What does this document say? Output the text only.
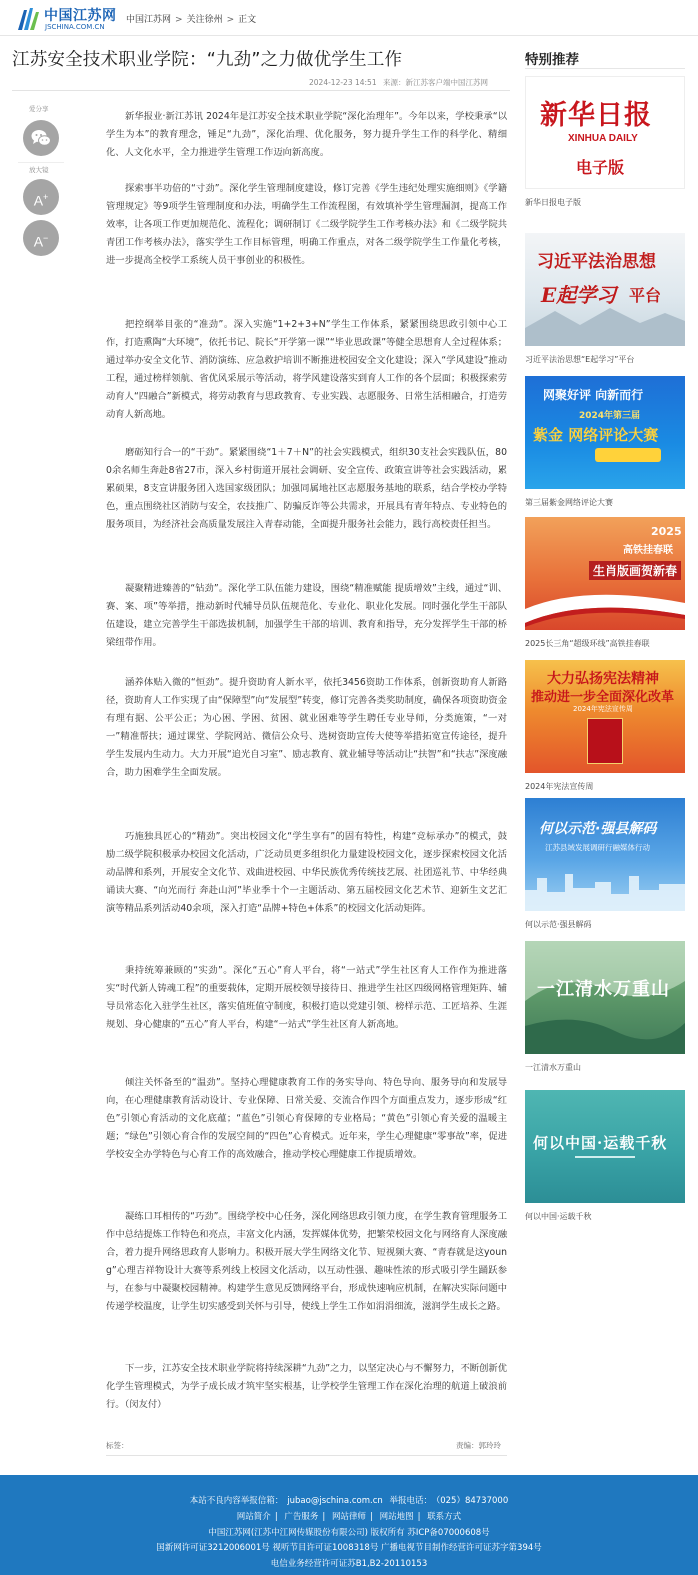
中国江苏网
JSCHINA.COM.CN
中国江苏网 > 关注徐州 > 正文
江苏安全技术职业学院：“九劲”之力做优学生工作
2024-12-23 14:51 来源：新江苏客户端中国江苏网
爱分享
放大镜
A+
A−

新华报业·新江苏讯 2024年是江苏安全技术职业学院“深化治理年”。今年以来，学校秉承“以学生为本”的教育理念，锤足“九劲”，深化治理、优化服务，努力提升学生工作的科学化、精细化、人文化水平，全力推进学生管理工作迈向新高度。

探索事半功倍的“寸劲”。深化学生管理制度建设，修订完善《学生违纪处理实施细则》《学籍管理规定》等9项学生管理制度和办法，明确学生工作流程图，有效填补学生管理漏洞，提高工作效率，让各项工作更加规范化、流程化；调研制订《二级学院学生工作考核办法》和《二级学院共青团工作考核办法》，落实学生工作目标管理，明确工作重点，对各二级学院学生工作量化考核，进一步提高全校学工系统人员干事创业的积极性。

把控纲举目张的“准劲”。深入实施“1+2+3+N”学生工作体系，紧紧围绕思政引领中心工作，打造熏陶“大环境”，依托书记、院长“开学第一课”“毕业思政课”等健全思想育人全过程体系；通过举办安全文化节、消防演练、应急救护培训不断推进校园安全文化建设；深入“学风建设”推动工程，通过榜样领航、省优风采展示等活动，将学风建设落实到育人工作的各个层面；积极探索劳动育人“四融合”新模式，将劳动教育与思政教育、专业实践、志愿服务、日常生活相融合，打造劳动育人新高地。

磨砺知行合一的“干劲”。紧紧围绕“1＋7＋N”的社会实践模式，组织30支社会实践队伍，800余名师生奔赴8省27市，深入乡村街道开展社会调研、安全宣传、政策宣讲等社会实践活动，累累硕果，8支宣讲服务团入选国家级团队；加强同属地社区志愿服务基地的联系，结合学校办学特色，重点围绕社区消防与安全，农技推广、防骗反诈等公共需求，开展具有青年特点、专业特色的服务项目，为经济社会高质量发展注入青春动能，全面提升服务社会能力，践行高校责任担当。

凝聚精进臻善的“钻劲”。深化学工队伍能力建设，围绕“精准赋能 提质增效”主线，通过“训、赛、案、项”等举措，推动新时代辅导员队伍规范化、专业化、职业化发展。同时强化学生干部队伍建设，建立完善学生干部选拔机制，加强学生干部的培训、教育和指导，充分发挥学生干部的桥梁纽带作用。

涵养体贴入微的“恒劲”。提升资助育人新水平，依托3456资助工作体系，创新资助育人新路径，资助育人工作实现了由“保障型”向“发展型”转变，修订完善各类奖助制度，确保各项资助资金有理有据、公平公正；为心困、学困、贫困、就业困难等学生聘任专业导师，分类施策，“一对一”精准帮扶；通过课堂、学院网站、微信公众号、选树资助宣传大使等举措拓宽宣传途径，提升学生发展内生动力。大力开展“追光自习室”、励志教育、就业辅导等活动让“扶智”和“扶志”深度融合，助力困难学生全面发展。

巧施独具匠心的“精劲”。突出校园文化“学生享有”的固有特性，构建“竞标承办”的模式，鼓励二级学院积极承办校园文化活动，广泛动员更多组织化力量建设校园文化，逐步探索校园文化活动品牌和系列，开展安全文化节、戏曲进校园、中华民族优秀传统技艺展、社团巡礼节、中华经典诵读大赛、“向光而行 奔赴山河”毕业季十个一主题活动、第五届校园文化艺术节、迎新生文艺汇演等精品系列活动40余项，深入打造“品牌+特色+体系”的校园文化活动矩阵。

秉持统筹兼顾的“实劲”。深化“五心”育人平台，将“一站式”学生社区育人工作作为推进落实“时代新人铸魂工程”的重要载体，定期开展校领导接待日、推进学生社区四级网格管理矩阵、辅导员常态化入驻学生社区，落实值班值守制度，积极打造以党建引领、榜样示范、工匠培养、生涯规划、身心健康的“五心”育人平台，构建“一站式”学生社区育人新高地。

倾注关怀备至的“温劲”。坚持心理健康教育工作的务实导向、特色导向、服务导向和发展导向，在心理健康教育活动设计、专业保障、日常关爱、交流合作四个方面重点发力，逐步形成“红色”引领心育活动的文化底蕴；“蓝色”引领心育保障的专业格局；“黄色”引领心育关爱的温暖主题；“绿色”引领心育合作的发展空间的“四色”心育模式。近年来，学生心理健康“零事故”率，促进学校安全办学特色与心育工作的高效融合，推动学校心理健康工作提质增效。

凝练口耳相传的“巧劲”。围绕学校中心任务，深化网络思政引领力度，在学生教育管理服务工作中总结提炼工作特色和亮点，丰富文化内涵，发挥媒体优势，把繁荣校园文化与网络育人深度融合，着力提升网络思政育人影响力。积极开展大学生网络文化节、短视频大赛、“青春就是这young”心理吉祥物设计大赛等系列线上校园文化活动，以互动性强、趣味性浓的形式吸引学生踊跃参与，在参与中凝聚校园精神。构建学生意见反馈网络平台，形成快速响应机制，在解决实际问题中传递学校温度，让学生切实感受到关怀与引导，使线上学生工作如涓涓细流，滋润学生成长之路。

下一步，江苏安全技术职业学院将持续深耕“九劲”之力，以坚定决心与不懈努力，不断创新优化学生管理模式，为学子成长成才筑牢坚实根基，让学校学生管理工作在深化治理的航道上破浪前行。（闵友付）

标签：	责编：郭玲玲
特别推荐
新华日报
XINHUA DAILY
电子版
新华日报电子版
习近平法治思想
E起学习 平台
习近平法治思想“E起学习”平台
网聚好评 向新而行
2024年第三届
紫金 网络评论大赛
第三届紫金网络评论大赛
2025
高铁挂春联
生肖版画贺新春
2025长三角“超级环线”高铁挂春联
大力弘扬宪法精神
推动进一步全面深化改革
2024年宪法宣传周
2024年宪法宣传周
何以示范·强县解码
江苏县域发展调研行融媒体行动
何以示范·强县解码
一江清水万重山
一江清水万重山
何以中国·运载千秋
何以中国·运载千秋
本站不良内容举报信箱： jubao@jschina.com.cn 举报电话： （025）84737000
网站简介 | 广告服务 | 网站律师 | 网站地图 | 联系方式
中国江苏网(江苏中江网传媒股份有限公司) 版权所有 苏ICP备07000608号
国新网许可证3212006001号 视听节目许可证1008318号 广播电视节目制作经营许可证苏字第394号
电信业务经营许可证苏B1,B2-20110153
